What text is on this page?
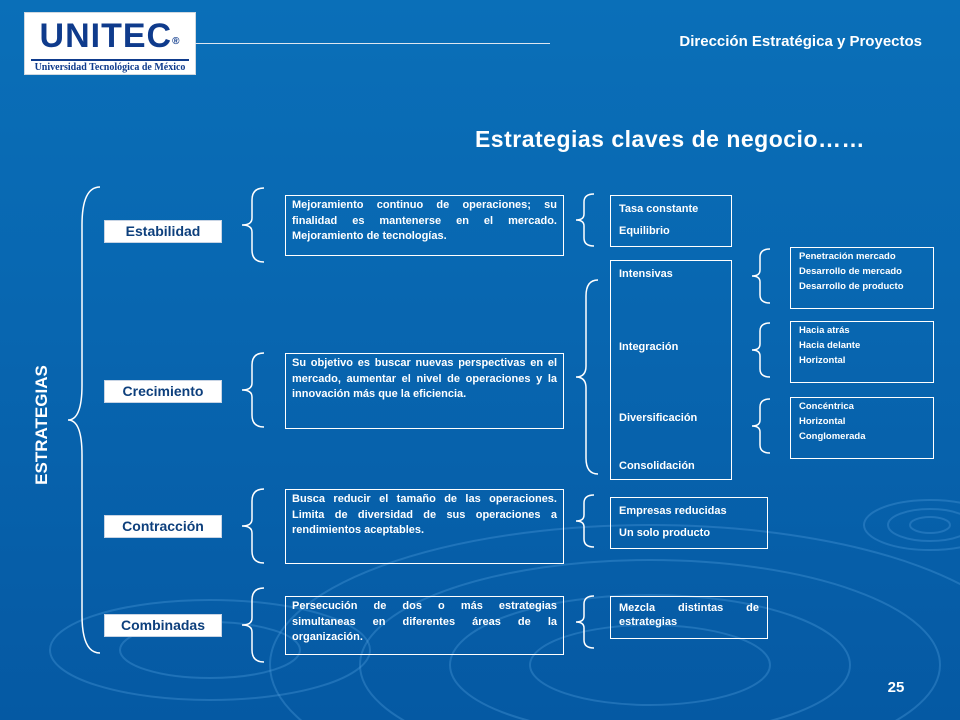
UNITEC®
Universidad Tecnológica de México
Dirección Estratégica y Proyectos
Estrategias claves de negocio……
ESTRATEGIAS
Estabilidad
Crecimiento
Contracción
Combinadas
Mejoramiento continuo de operaciones; su finalidad es mantenerse en el mercado. Mejoramiento de tecnologías.
Su objetivo es buscar nuevas perspectivas en el mercado, aumentar el nivel de operaciones y la innovación más que la eficiencia.
Busca reducir el tamaño de las operaciones. Limita de diversidad de sus operaciones a rendimientos aceptables.
Persecución de dos o más estrategias simultaneas en diferentes áreas de la organización.
Tasa constante
Equilibrio
Intensivas
Integración
Diversificación
Consolidación
Empresas reducidas
Un solo producto
Mezcla distintas de estrategias
Penetración mercado
Desarrollo de mercado
Desarrollo de producto
Hacia atrás
Hacia delante
Horizontal
Concéntrica
Horizontal
Conglomerada
25
